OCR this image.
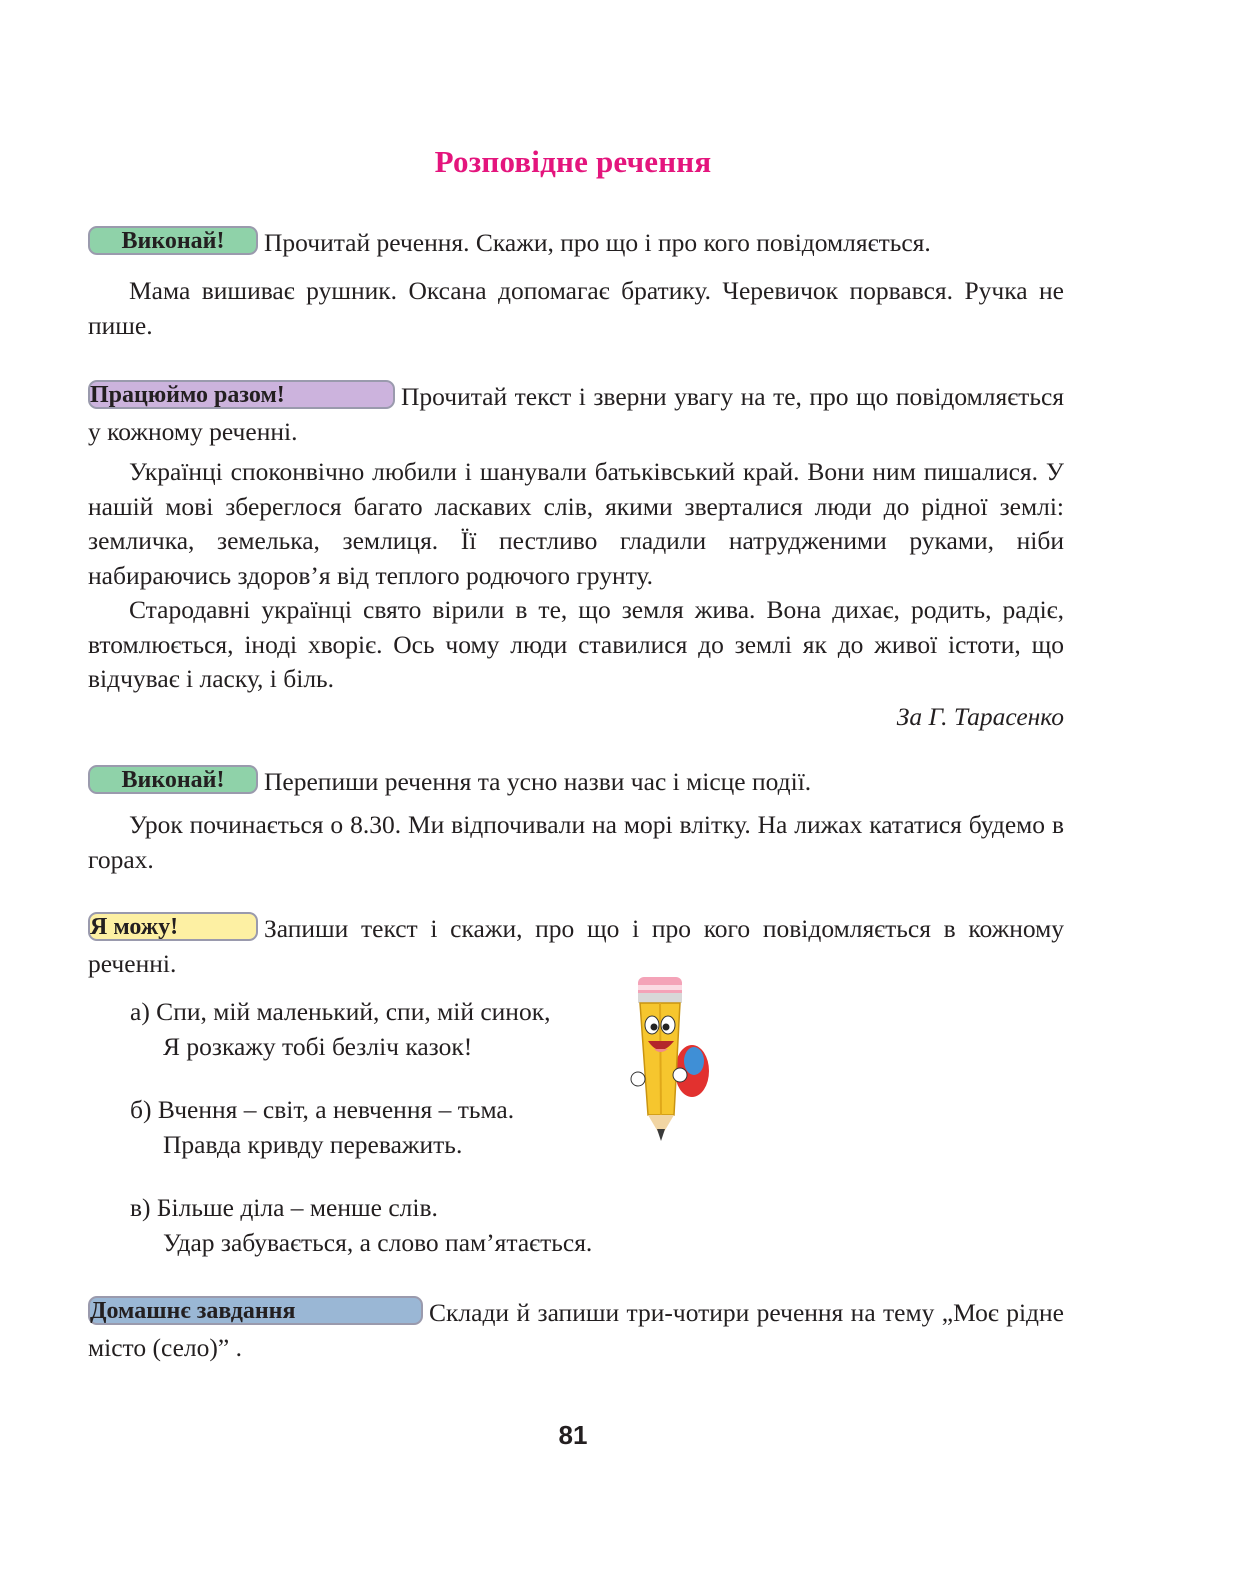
Розповідне речення
Виконай! Прочитай речення. Скажи, про що і про кого повідомляється.
Мама вишиває рушник. Оксана допомагає братику. Черевичок порвався. Ручка не пише.
Працюймо разом!	Прочитай текст і зверни увагу на те, про що повідомляється у кожному реченні.
Українці споконвічно любили і шанували батьківський край. Вони ним пишалися. У нашій мові збереглося багато лаcкавих слів, якими зверталися люди до рідної землі: земличка, земелька, землиця. Її пестливо гладили натрудженими руками, ніби набираючись здоров’я від теплого родючого грунту.
Стародавні українці свято вірили в те, що земля жива. Вона дихає, родить, радіє, втомлюється, іноді хворіє. Ось чому люди ставилися до землі як до живої істоти, що відчуває і ласку, і біль.
За Г. Тарасенко
Виконай! Перепиши речення та усно назви час і місце події.
Урок починається о 8.30. Ми відпочивали на морі влітку. На лижах кататися будемо в горах.
Я можу!	Запиши текст і скажи, про що і про кого повідомляється в кожному реченні.
а) Спи, мій маленький, спи, мій синок,
Я розкажу тобі безліч казок!
б) Вчення – світ, а невчення – тьма.
Правда кривду переважить.
в) Більше діла – менше слів.
Удар забувається, а слово пам’ятається.
Домашнє завдання	Склади й запиши три-чотири речення на тему „Моє рідне місто (село)” .
81
